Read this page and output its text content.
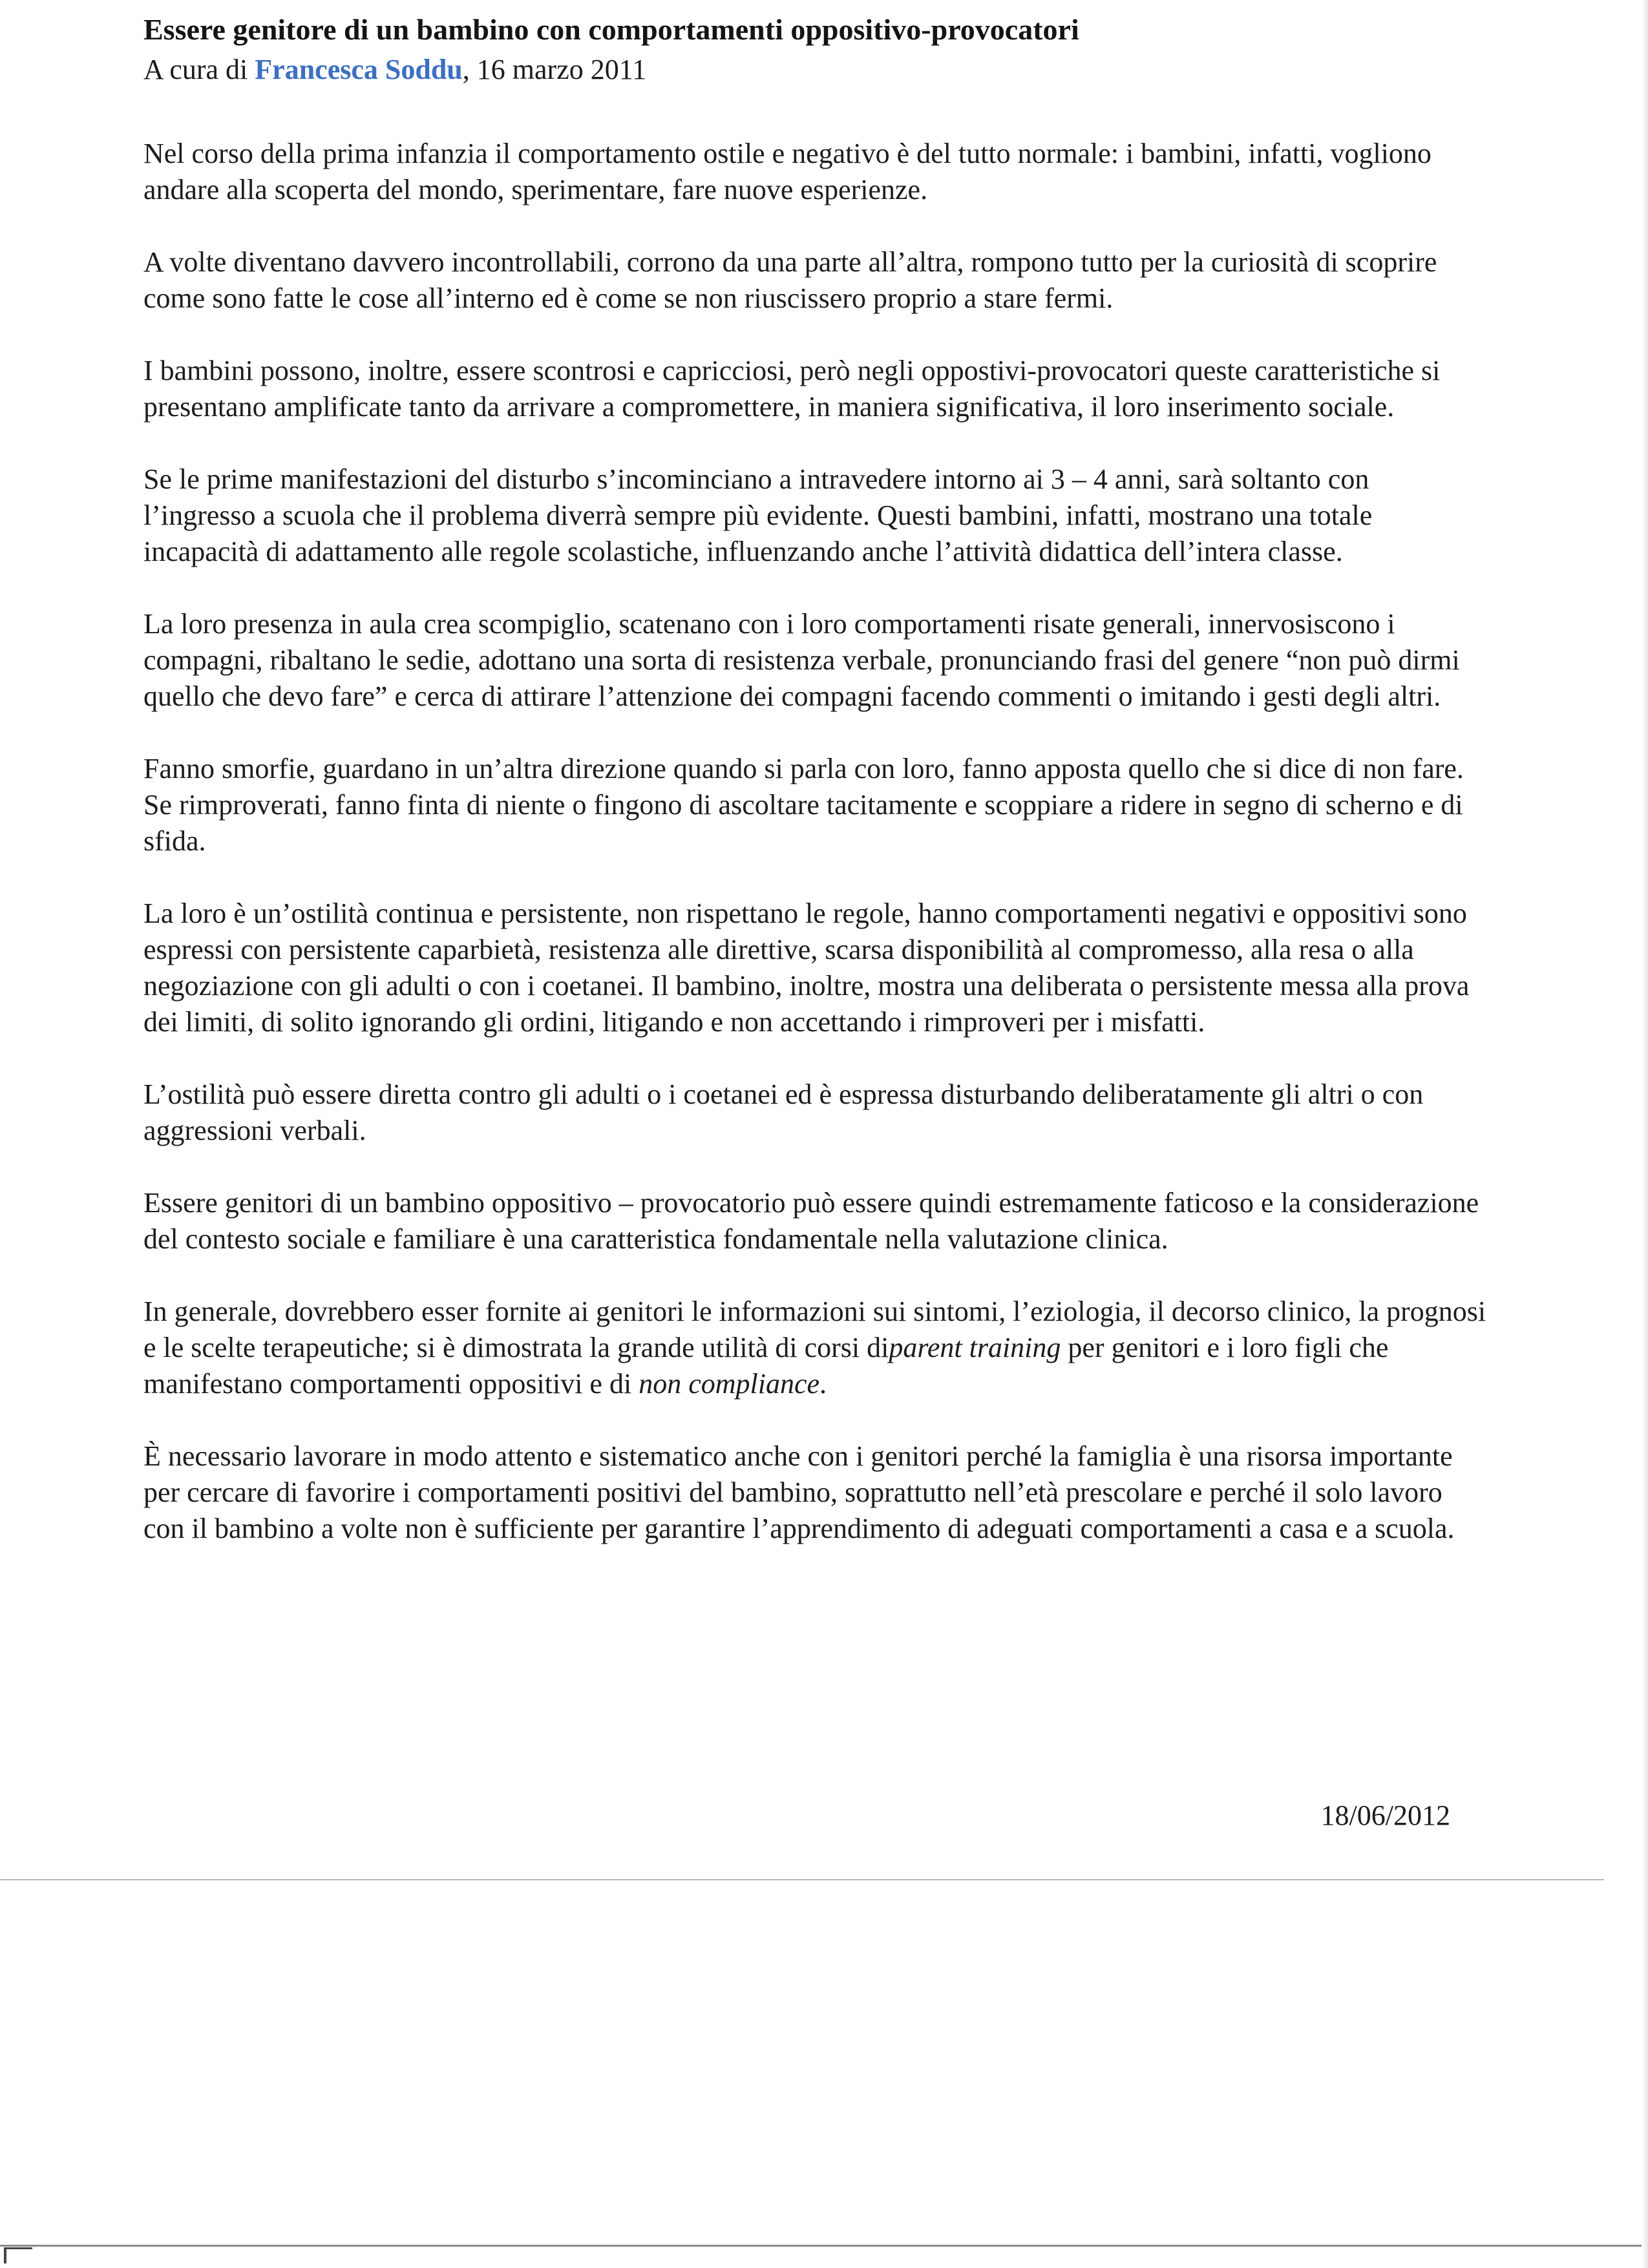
Essere genitore di un bambino con comportamenti oppositivo-provocatori

A cura di Francesca Soddu, 16 marzo 2011

Nel corso della prima infanzia il comportamento ostile e negativo è del tutto normale: i bambini, infatti, vogliono andare alla scoperta del mondo, sperimentare, fare nuove esperienze.

A volte diventano davvero incontrollabili, corrono da una parte all’altra, rompono tutto per la curiosità di scoprire come sono fatte le cose all’interno ed è come se non riuscissero proprio a stare fermi.

I bambini possono, inoltre, essere scontrosi e capricciosi, però negli oppostivi-provocatori queste caratteristiche si presentano amplificate tanto da arrivare a compromettere, in maniera significativa, il loro inserimento sociale.

Se le prime manifestazioni del disturbo s’incominciano a intravedere intorno ai 3 – 4 anni, sarà soltanto con l’ingresso a scuola che il problema diverrà sempre più evidente. Questi bambini, infatti, mostrano una totale incapacità di adattamento alle regole scolastiche, influenzando anche l’attività didattica dell’intera classe.

La loro presenza in aula crea scompiglio, scatenano con i loro comportamenti risate generali, innervosiscono i compagni, ribaltano le sedie, adottano una sorta di resistenza verbale, pronunciando frasi del genere “non può dirmi quello che devo fare” e cerca di attirare l’attenzione dei compagni facendo commenti o imitando i gesti degli altri.

Fanno smorfie, guardano in un’altra direzione quando si parla con loro, fanno apposta quello che si dice di non fare. Se rimproverati, fanno finta di niente o fingono di ascoltare tacitamente e scoppiare a ridere in segno di scherno e di sfida.

La loro è un’ostilità continua e persistente, non rispettano le regole, hanno comportamenti negativi e oppositivi sono espressi con persistente caparbietà, resistenza alle direttive, scarsa disponibilità al compromesso, alla resa o alla negoziazione con gli adulti o con i coetanei. Il bambino, inoltre, mostra una deliberata o persistente messa alla prova dei limiti, di solito ignorando gli ordini, litigando e non accettando i rimproveri per i misfatti.

L’ostilità può essere diretta contro gli adulti o i coetanei ed è espressa disturbando deliberatamente gli altri o con aggressioni verbali.

Essere genitori di un bambino oppositivo – provocatorio può essere quindi estremamente faticoso e la considerazione del contesto sociale e familiare è una caratteristica fondamentale nella valutazione clinica.

In generale, dovrebbero esser fornite ai genitori le informazioni sui sintomi, l’eziologia, il decorso clinico, la prognosi e le scelte terapeutiche; si è dimostrata la grande utilità di corsi diparent training per genitori e i loro figli che manifestano comportamenti oppositivi e di non compliance.

È necessario lavorare in modo attento e sistematico anche con i genitori perché la famiglia è una risorsa importante per cercare di favorire i comportamenti positivi del bambino, soprattutto nell’età prescolare e perché il solo lavoro con il bambino a volte non è sufficiente per garantire l’apprendimento di adeguati comportamenti a casa e a scuola.

18/06/2012
